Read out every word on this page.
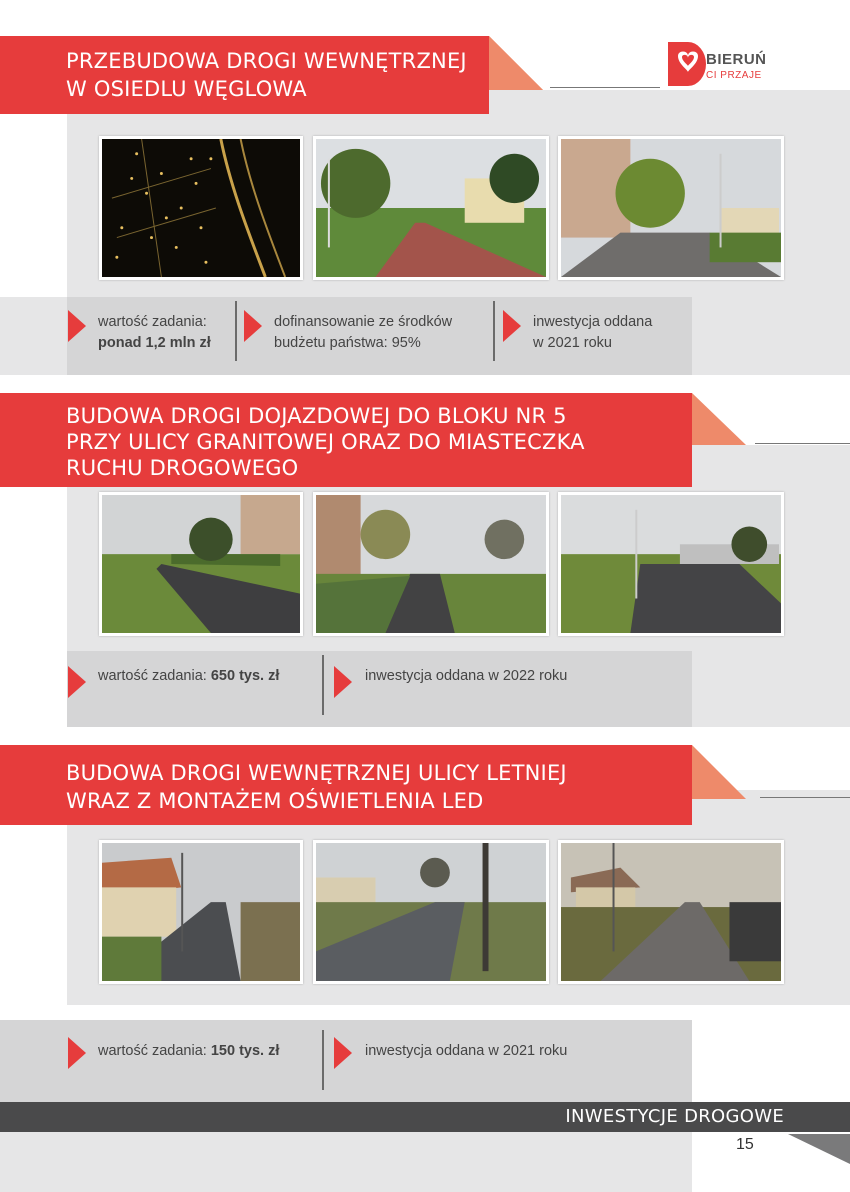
PRZEBUDOWA DROGI WEWNĘTRZNEJ
W OSIEDLU WĘGLOWA
BIERUŃ
CI PRZAJE
wartość zadania:
ponad 1,2 mln zł
dofinansowanie ze środków
budżetu państwa: 95%
inwestycja oddana
w 2021 roku
BUDOWA DROGI DOJAZDOWEJ DO BLOKU NR 5
PRZY ULICY GRANITOWEJ ORAZ DO MIASTECZKA
RUCHU DROGOWEGO
wartość zadania: 650 tys. zł	inwestycja oddana w 2022 roku
BUDOWA DROGI WEWNĘTRZNEJ ULICY LETNIEJ
WRAZ Z MONTAŻEM OŚWIETLENIA LED
wartość zadania: 150 tys. zł	inwestycja oddana w 2021 roku
INWESTYCJE DROGOWE
15
